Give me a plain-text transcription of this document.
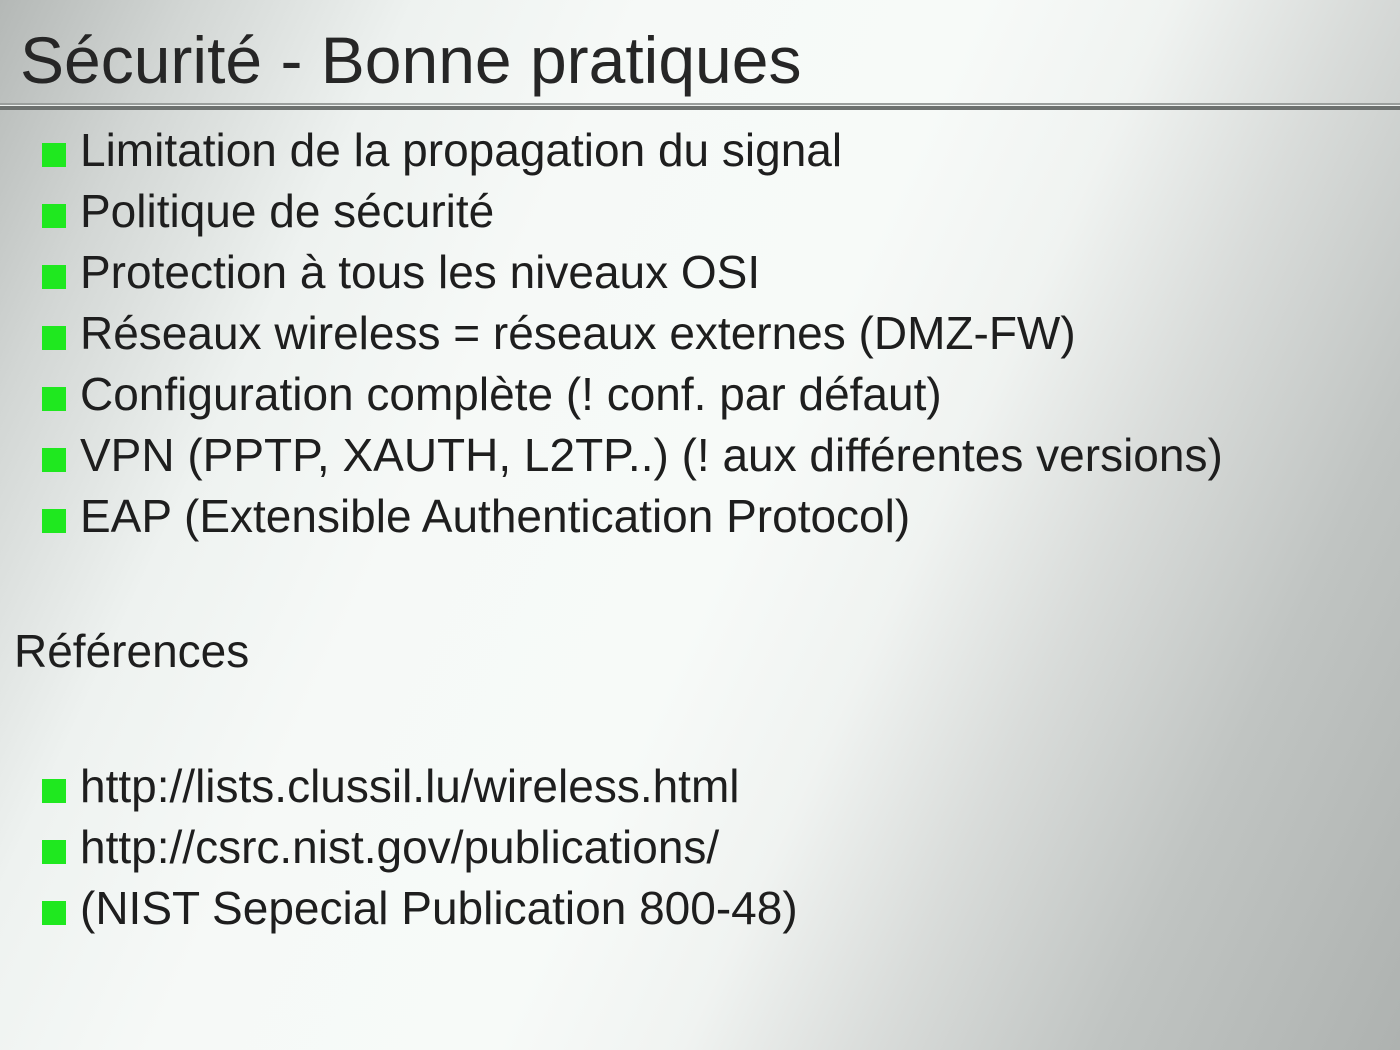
Sécurité - Bonne pratiques
Limitation de la propagation du signal
Politique de sécurité
Protection à tous les niveaux OSI
Réseaux wireless = réseaux externes (DMZ-FW)
Configuration complète (! conf. par défaut)
VPN (PPTP, XAUTH, L2TP..) (! aux différentes versions)
EAP (Extensible Authentication Protocol)
Références
http://lists.clussil.lu/wireless.html
http://csrc.nist.gov/publications/
(NIST Sepecial Publication 800-48)
